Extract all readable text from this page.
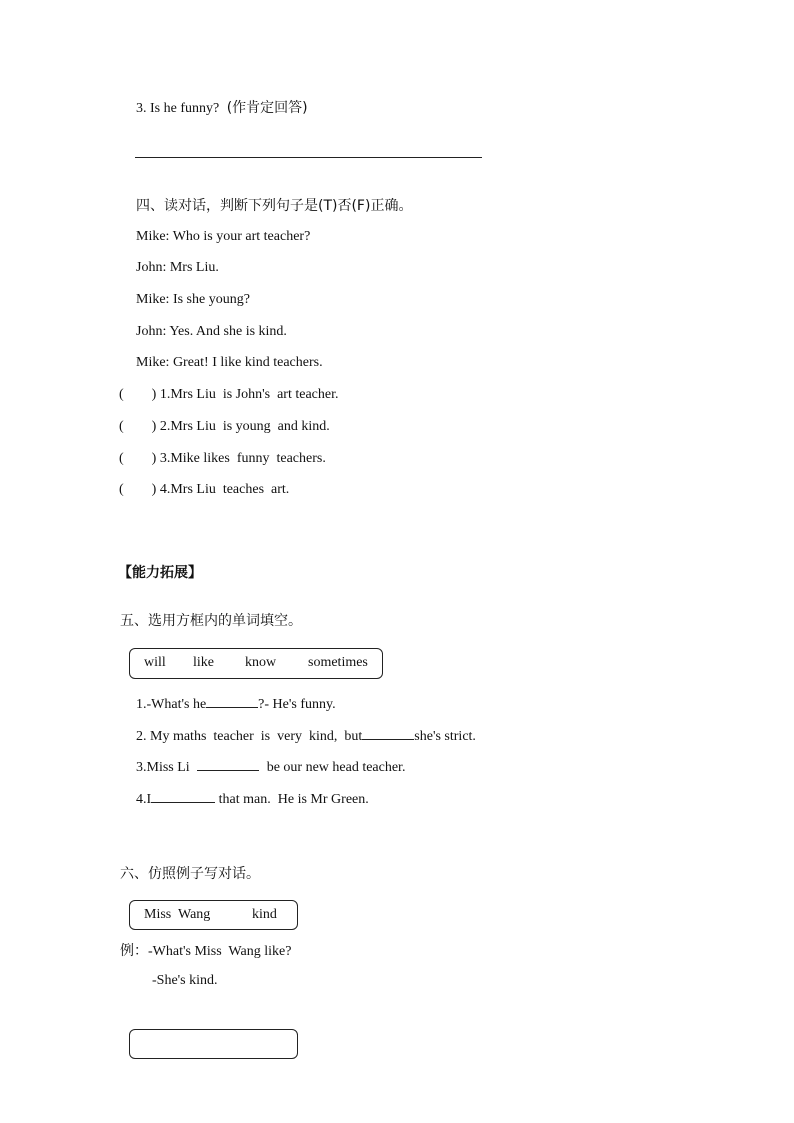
3. Is he funny? (作肯定回答)
四、读对话，判断下列句子是(T)否(F)正确。
Mike: Who is your art teacher?
John: Mrs Liu.
Mike: Is she young?
John: Yes. And she is kind.
Mike: Great! I like kind teachers.
(        ) 1.Mrs Liu  is John's  art teacher.
(        ) 2.Mrs Liu  is young  and kind.
(        ) 3.Mike likes  funny  teachers.
(        ) 4.Mrs Liu  teaches  art.
【能力拓展】
五、选用方框内的单词填空。
will like know sometimes
1.-What's he	?- He's funny.
2. My maths  teacher  is  very  kind,  but	she's strict.
3.Miss Li	be our new head teacher.
4.I	that man.  He is Mr Green.
六、仿照例子写对话。
Miss  Wang	kind
例：-What's Miss  Wang like?
-She's kind.
